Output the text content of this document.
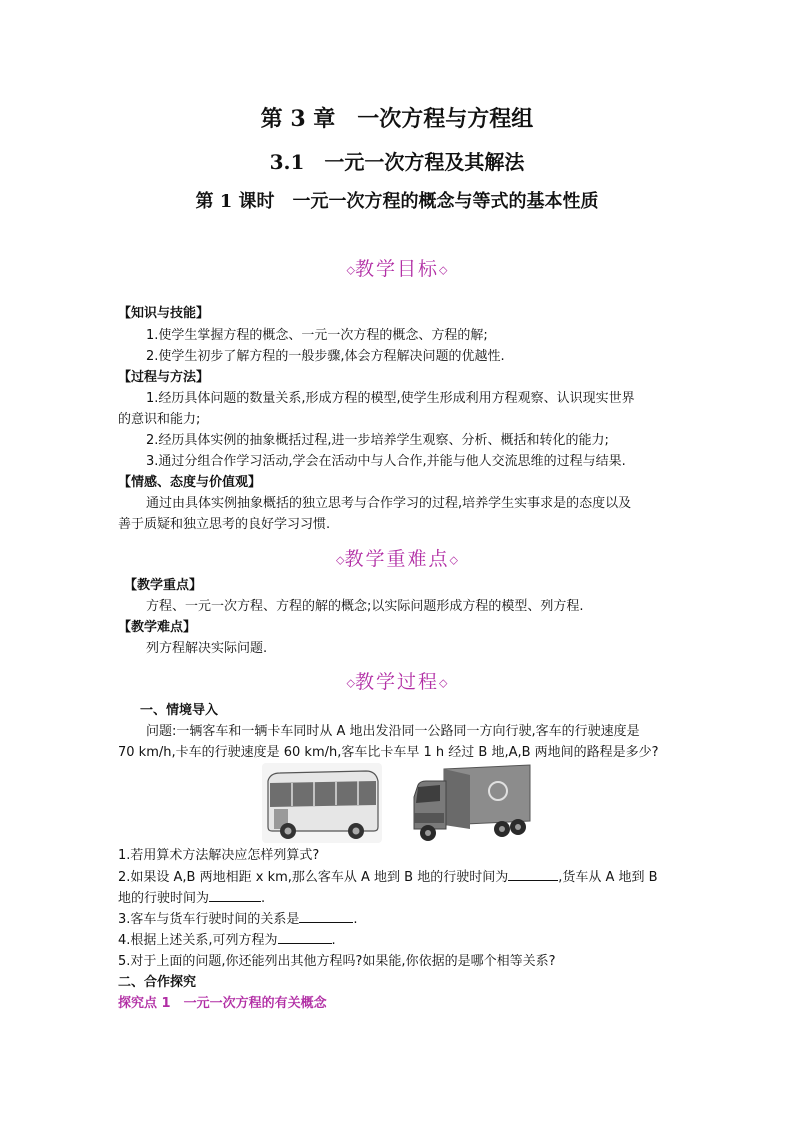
第 3 章　一次方程与方程组
3.1　一元一次方程及其解法
第 1 课时　一元一次方程的概念与等式的基本性质
◇教学目标◇
【知识与技能】
1.使学生掌握方程的概念、一元一次方程的概念、方程的解;
2.使学生初步了解方程的一般步骤,体会方程解决问题的优越性.
【过程与方法】
1.经历具体问题的数量关系,形成方程的模型,使学生形成利用方程观察、认识现实世界
的意识和能力;
2.经历具体实例的抽象概括过程,进一步培养学生观察、分析、概括和转化的能力;
3.通过分组合作学习活动,学会在活动中与人合作,并能与他人交流思维的过程与结果.
【情感、态度与价值观】
通过由具体实例抽象概括的独立思考与合作学习的过程,培养学生实事求是的态度以及
善于质疑和独立思考的良好学习习惯.
◇教学重难点◇
【教学重点】
方程、一元一次方程、方程的解的概念;以实际问题形成方程的模型、列方程.
【教学难点】
列方程解决实际问题.
◇教学过程◇
一、情境导入
问题:一辆客车和一辆卡车同时从 A 地出发沿同一公路同一方向行驶,客车的行驶速度是
70 km/h,卡车的行驶速度是 60 km/h,客车比卡车早 1 h 经过 B 地,A,B 两地间的路程是多少?
1.若用算术方法解决应怎样列算式?
2.如果设 A,B 两地相距 x km,那么客车从 A 地到 B 地的行驶时间为	,货车从 A 地到 B
地的行驶时间为	.
3.客车与货车行驶时间的关系是	.
4.根据上述关系,可列方程为	.
5.对于上面的问题,你还能列出其他方程吗?如果能,你依据的是哪个相等关系?
二、合作探究
探究点 1　一元一次方程的有关概念
